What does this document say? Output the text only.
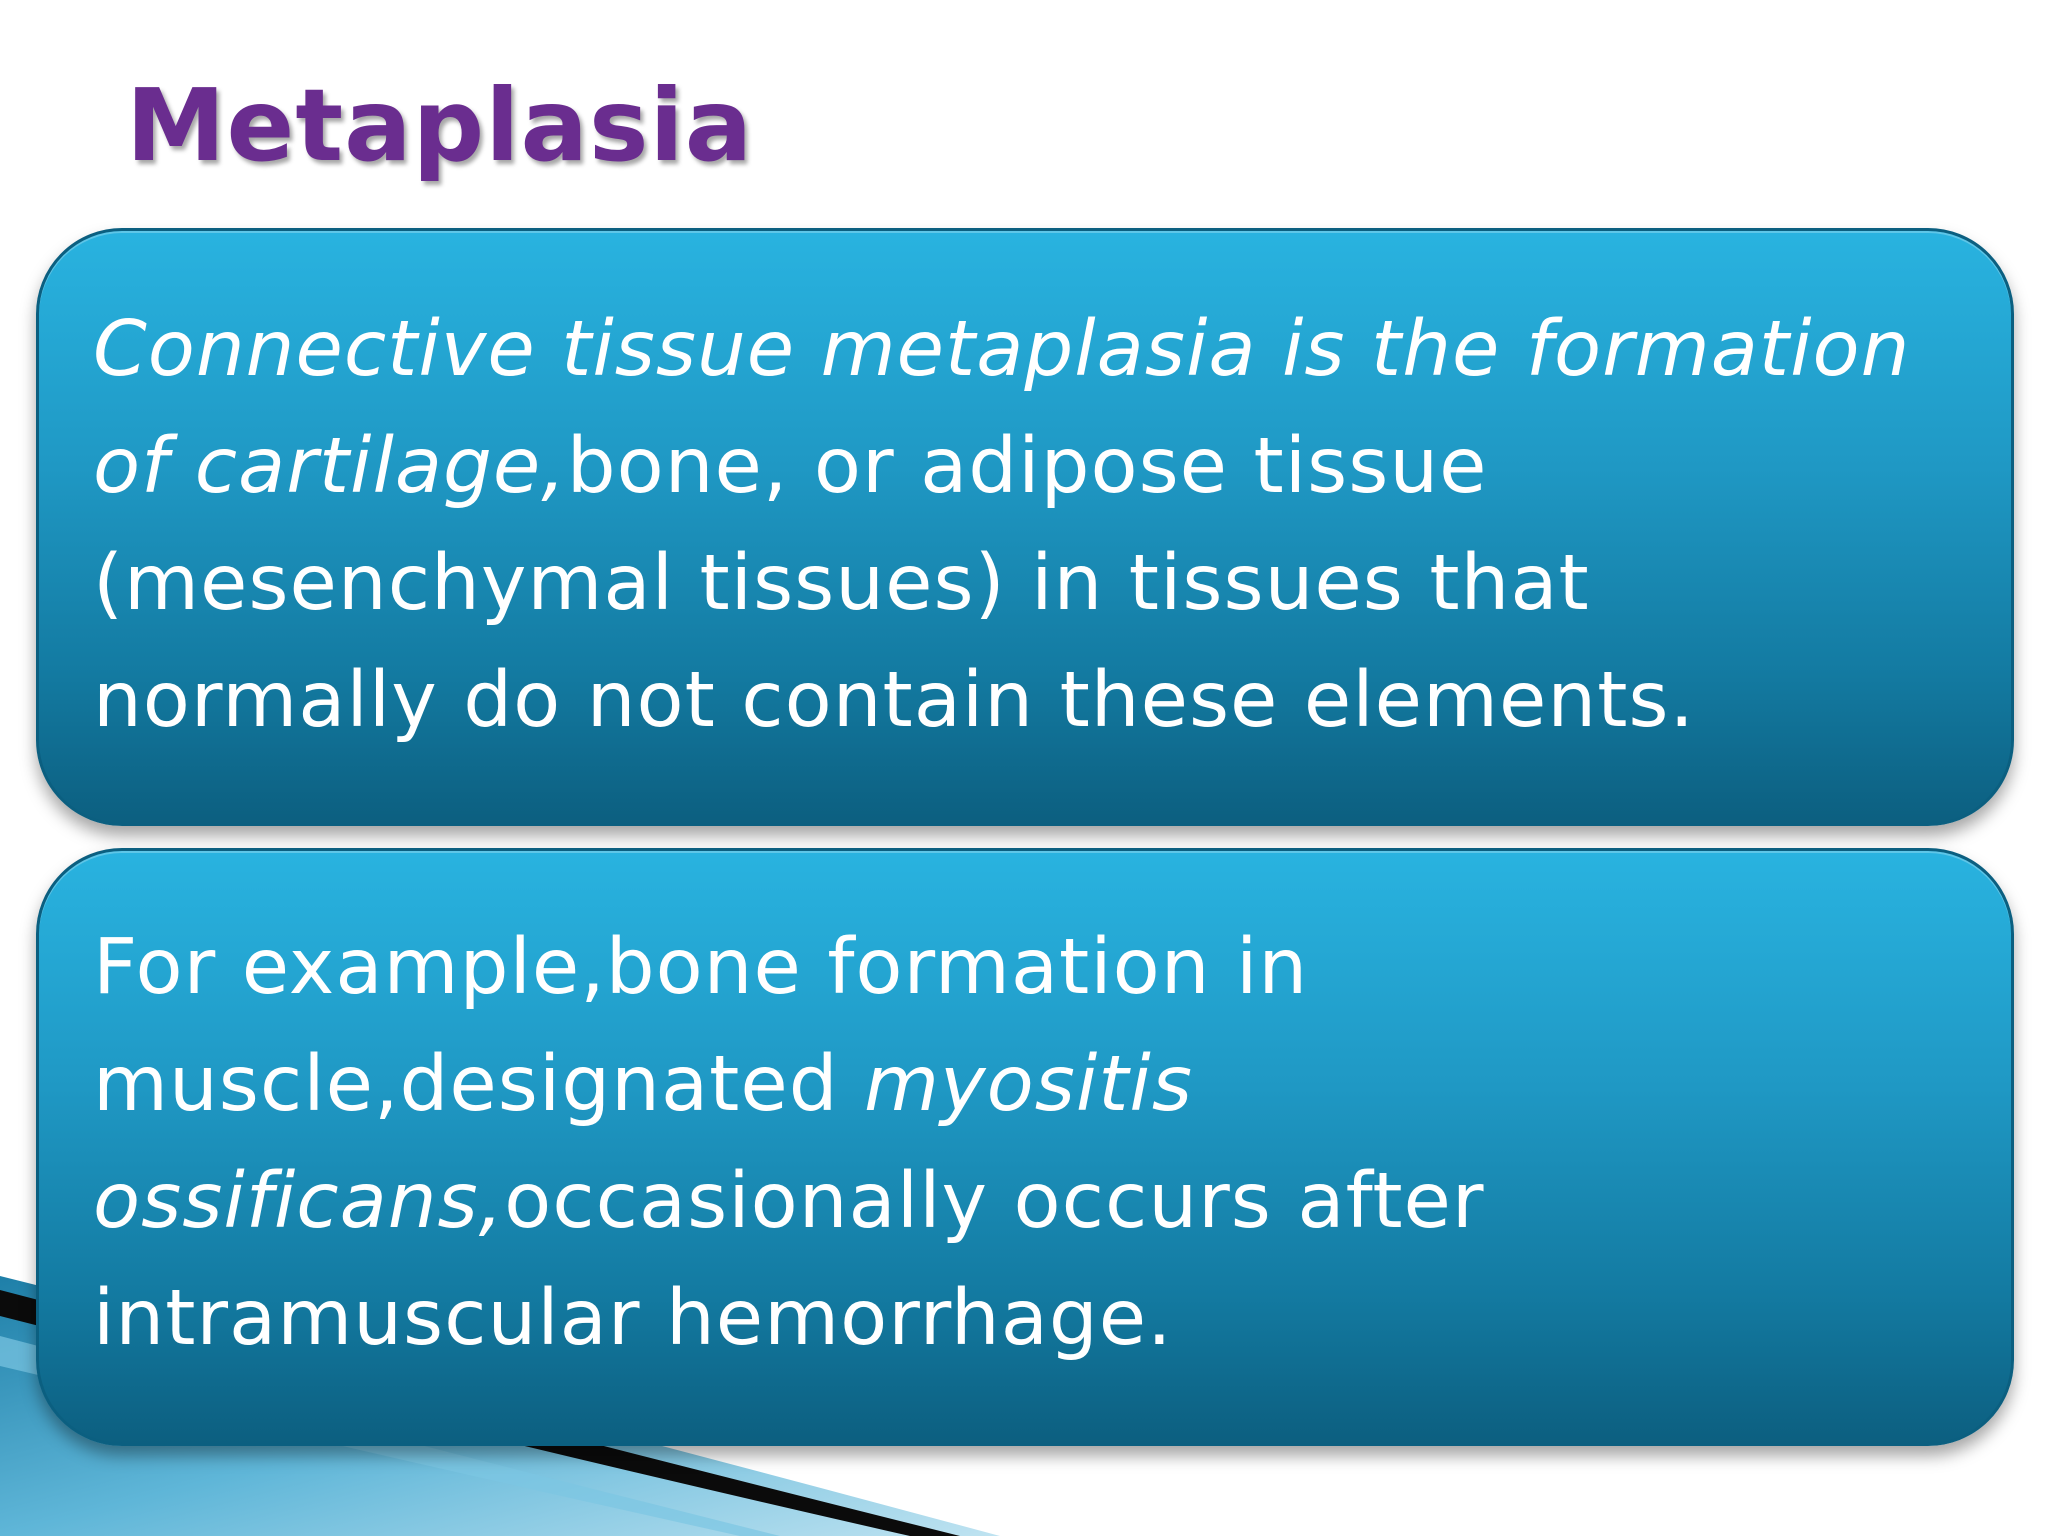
Metaplasia

Connective tissue metaplasia is the formation of cartilage,bone, or adipose tissue (mesenchymal tissues) in tissues that normally do not contain these elements.

For example,bone formation in muscle,designated myositis ossificans,occasionally occurs after intramuscular hemorrhage.
